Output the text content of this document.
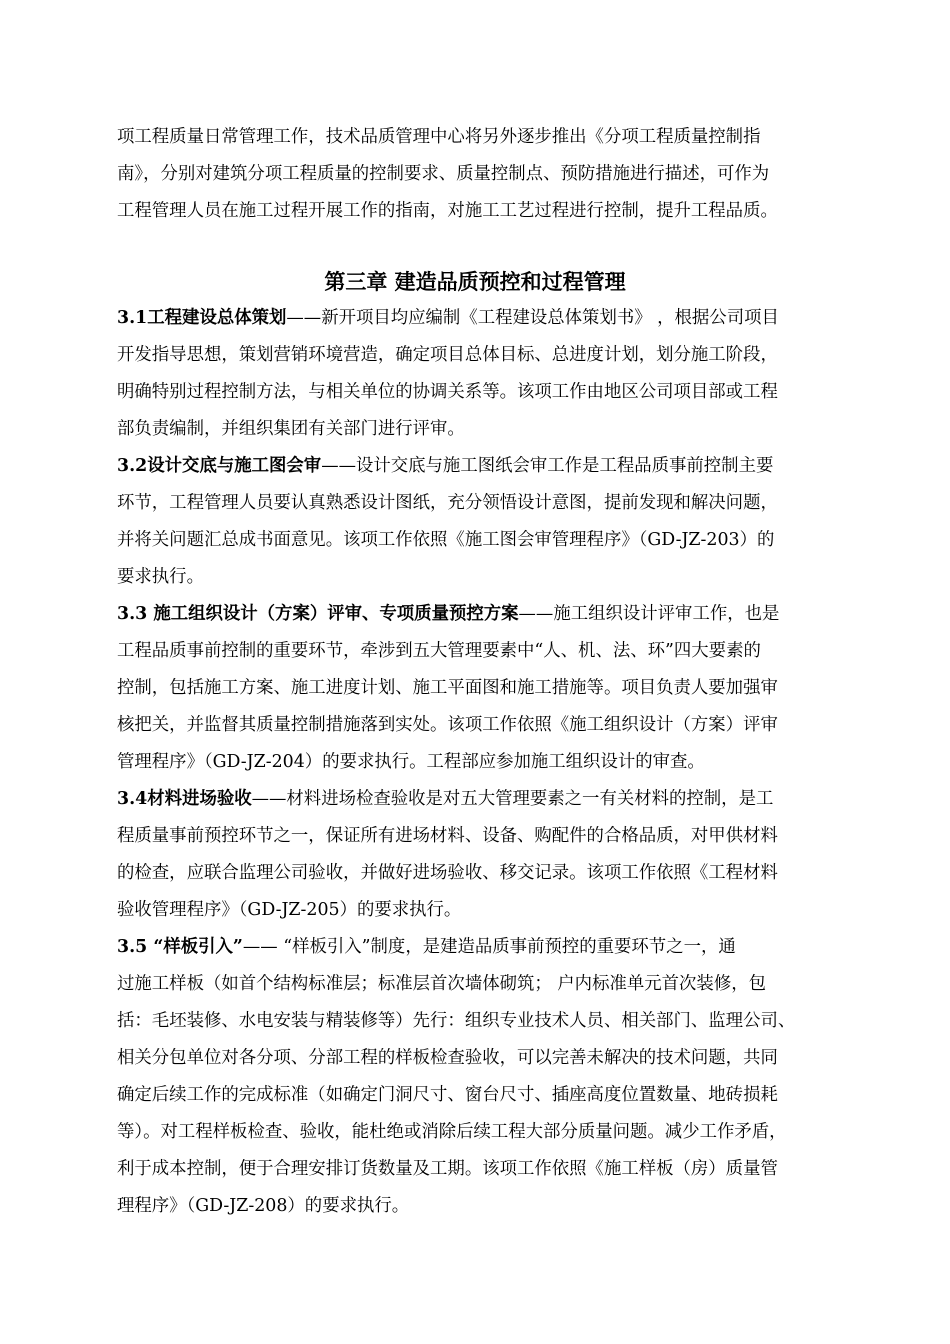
项工程质量日常管理工作，技术品质管理中心将另外逐步推出《分项工程质量控制指
南》，分别对建筑分项工程质量的控制要求、质量控制点、预防措施进行描述，可作为
工程管理人员在施工过程开展工作的指南，对施工工艺过程进行控制，提升工程品质。
第三章 建造品质预控和过程管理
3.1工程建设总体策划——新开项目均应编制《工程建设总体策划书》 ，根据公司项目
开发指导思想，策划营销环境营造，确定项目总体目标、总进度计划，划分施工阶段，
明确特别过程控制方法，与相关单位的协调关系等。该项工作由地区公司项目部或工程
部负责编制，并组织集团有关部门进行评审。
3.2设计交底与施工图会审——设计交底与施工图纸会审工作是工程品质事前控制主要
环节，工程管理人员要认真熟悉设计图纸，充分领悟设计意图，提前发现和解决问题，
并将关问题汇总成书面意见。该项工作依照《施工图会审管理程序》（GD-JZ-203）的
要求执行。
3.3 施工组织设计（方案）评审、专项质量预控方案——施工组织设计评审工作，也是
工程品质事前控制的重要环节，牵涉到五大管理要素中“人、机、法、环”四大要素的
控制，包括施工方案、施工进度计划、施工平面图和施工措施等。项目负责人要加强审
核把关，并监督其质量控制措施落到实处。该项工作依照《施工组织设计（方案）评审
管理程序》（GD-JZ-204）的要求执行。工程部应参加施工组织设计的审查。
3.4材料进场验收——材料进场检查验收是对五大管理要素之一有关材料的控制，是工
程质量事前预控环节之一，保证所有进场材料、设备、购配件的合格品质，对甲供材料
的检查，应联合监理公司验收，并做好进场验收、移交记录。该项工作依照《工程材料
验收管理程序》（GD-JZ-205）的要求执行。
3.5 “样板引入”—— “样板引入”制度，是建造品质事前预控的重要环节之一，通
过施工样板（如首个结构标准层；标准层首次墙体砌筑； 户内标准单元首次装修，包
括：毛坯装修、水电安装与精装修等）先行：组织专业技术人员、相关部门、监理公司、
相关分包单位对各分项、分部工程的样板检查验收，可以完善未解决的技术问题，共同
确定后续工作的完成标准（如确定门洞尺寸、窗台尺寸、插座高度位置数量、地砖损耗
等）。对工程样板检查、验收，能杜绝或消除后续工程大部分质量问题。减少工作矛盾，
利于成本控制，便于合理安排订货数量及工期。该项工作依照《施工样板（房）质量管
理程序》（GD-JZ-208）的要求执行。
